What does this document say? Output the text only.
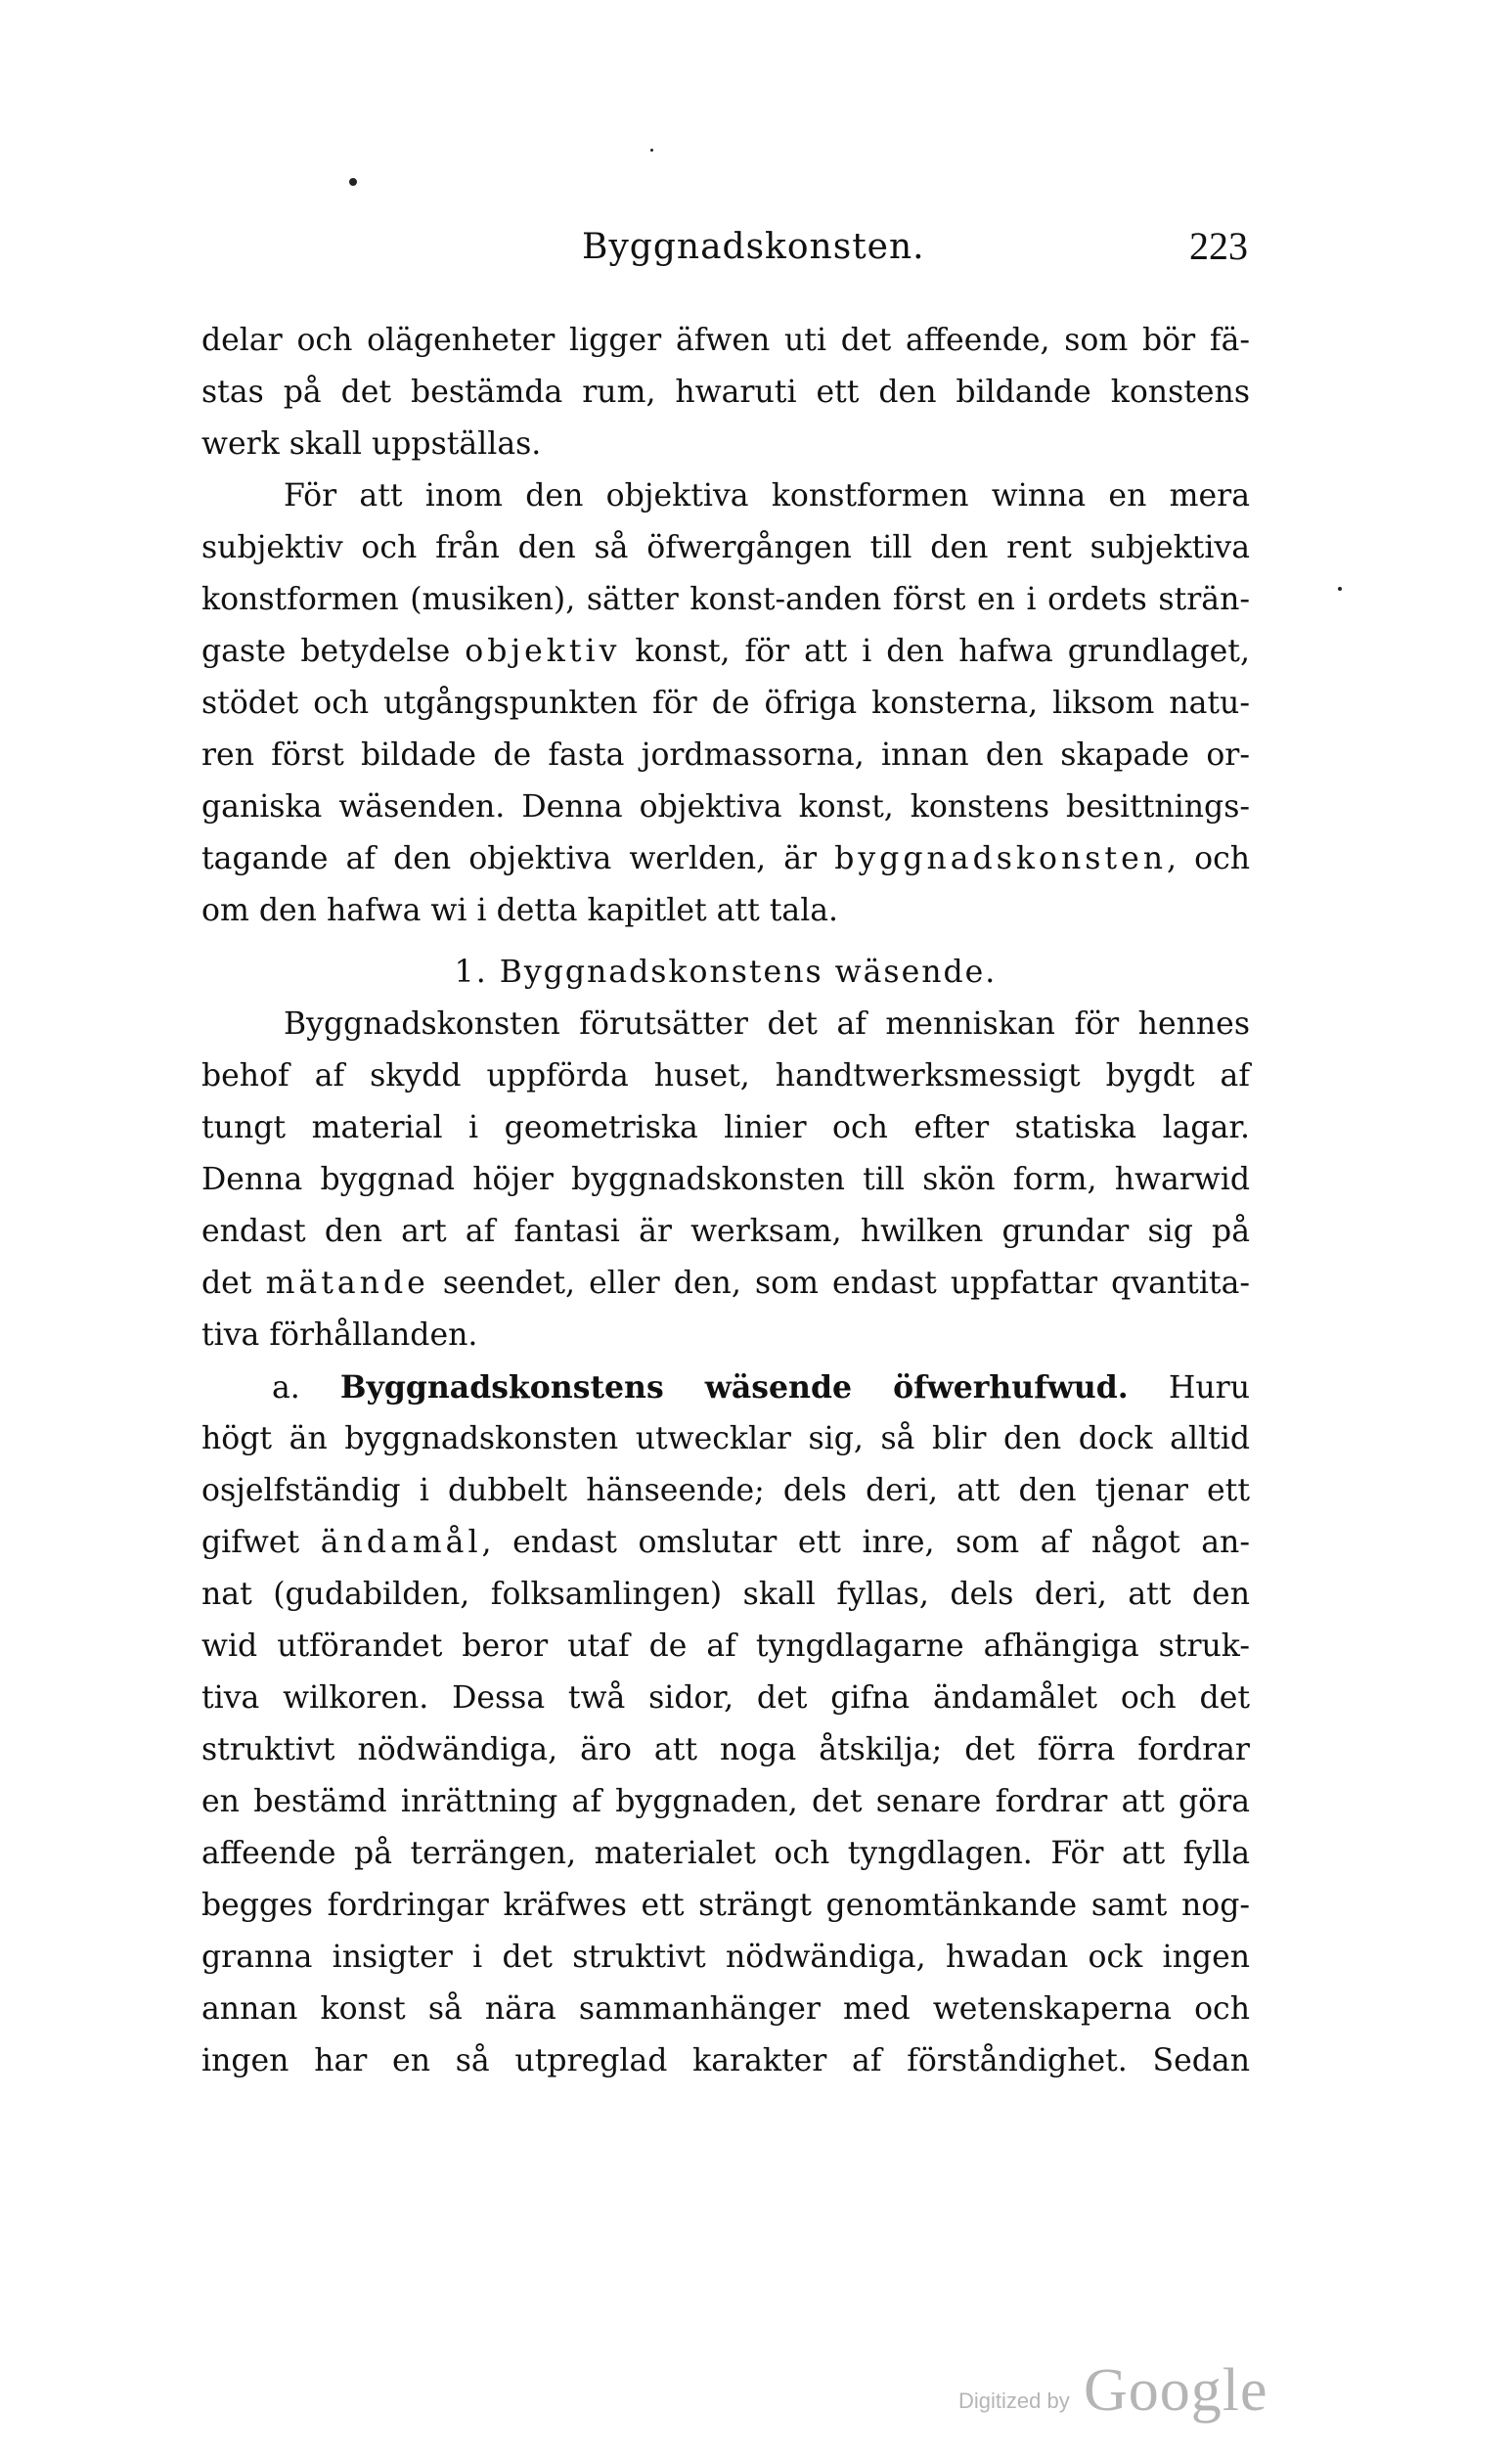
Byggnadskonsten.	223
delar och olägenheter ligger äfwen uti det affeende, som bör fä-
stas på det bestämda rum, hwaruti ett den bildande konstens
werk skall uppställas.
För att inom den objektiva konstformen winna en mera
subjektiv och från den så öfwergången till den rent subjektiva
konstformen (musiken), sätter konst-anden först en i ordets strän-
gaste betydelse objektiv konst, för att i den hafwa grundlaget,
stödet och utgångspunkten för de öfriga konsterna, liksom natu-
ren först bildade de fasta jordmassorna, innan den skapade or-
ganiska wäsenden. Denna objektiva konst, konstens besittnings-
tagande af den objektiva werlden, är byggnadskonsten, och
om den hafwa wi i detta kapitlet att tala.
1. Byggnadskonstens wäsende.
Byggnadskonsten förutsätter det af menniskan för hennes
behof af skydd uppförda huset, handtwerksmessigt bygdt af
tungt material i geometriska linier och efter statiska lagar.
Denna byggnad höjer byggnadskonsten till skön form, hwarwid
endast den art af fantasi är werksam, hwilken grundar sig på
det mätande seendet, eller den, som endast uppfattar qvantita-
tiva förhållanden.
a. Byggnadskonstens wäsende öfwerhufwud. Huru
högt än byggnadskonsten utwecklar sig, så blir den dock alltid
osjelfständig i dubbelt hänseende; dels deri, att den tjenar ett
gifwet ändamål, endast omslutar ett inre, som af något an-
nat (gudabilden, folksamlingen) skall fyllas, dels deri, att den
wid utförandet beror utaf de af tyngdlagarne afhängiga struk-
tiva wilkoren. Dessa twå sidor, det gifna ändamålet och det
struktivt nödwändiga, äro att noga åtskilja; det förra fordrar
en bestämd inrättning af byggnaden, det senare fordrar att göra
affeende på terrängen, materialet och tyngdlagen. För att fylla
begges fordringar kräfwes ett strängt genomtänkande samt nog-
granna insigter i det struktivt nödwändiga, hwadan ock ingen
annan konst så nära sammanhänger med wetenskaperna och
ingen har en så utpreglad karakter af förståndighet. Sedan
Digitized by Google
